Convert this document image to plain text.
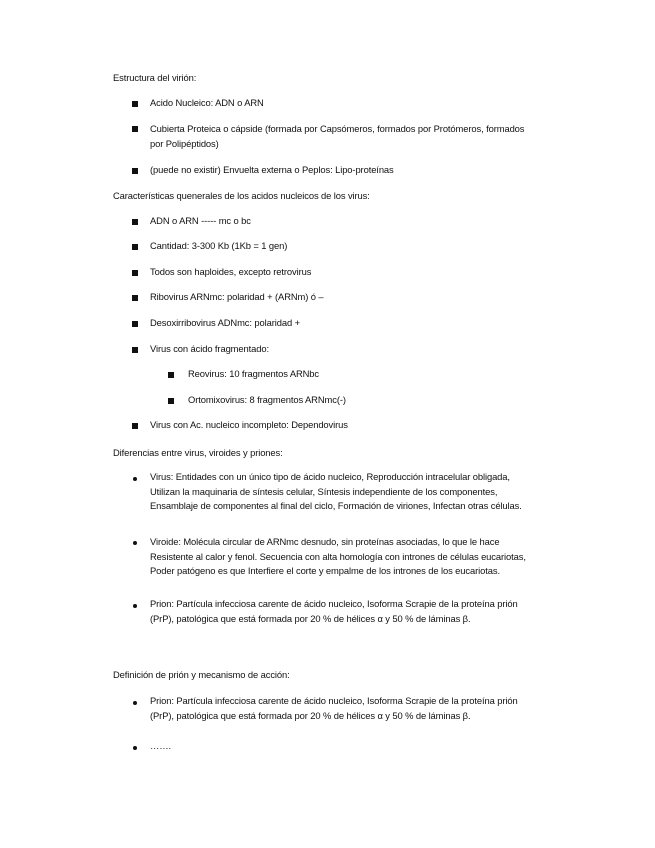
Estructura del virión:
Acido Nucleico: ADN o ARN
Cubierta Proteica o cápside (formada por Capsómeros, formados por Protómeros, formados por Polipéptidos)
(puede no existir) Envuelta externa o Peplos: Lipo-proteínas
Características quenerales de los acidos nucleicos de los virus:
ADN o ARN ----- mc o bc
Cantidad: 3-300 Kb (1Kb = 1 gen)
Todos son haploides, excepto retrovirus
Ribovirus ARNmc: polaridad + (ARNm) ó –
Desoxirribovirus ADNmc: polaridad +
Virus con ácido fragmentado:
Reovirus: 10 fragmentos ARNbc
Ortomixovirus: 8 fragmentos ARNmc(-)
Virus con Ac. nucleico incompleto: Dependovirus
Diferencias entre virus, viroides y priones:
Virus: Entidades con un único tipo de ácido nucleico, Reproducción intracelular obligada, Utilizan la maquinaria de síntesis celular, Síntesis independiente de los componentes, Ensamblaje de componentes al final del ciclo, Formación de viriones, Infectan otras células.
Viroide: Molécula circular de ARNmc desnudo, sin proteínas asociadas, lo que le hace Resistente al calor y fenol. Secuencia con alta homología con intrones de células eucariotas, Poder patógeno es que Interfiere el corte y empalme de los intrones de los eucariotas.
Prion: Partícula infecciosa carente de ácido nucleico, Isoforma Scrapie de la proteína prión (PrP), patológica que está formada por 20 % de hélices α y 50 % de láminas β.
Definición de prión y mecanismo de acción:
Prion: Partícula infecciosa carente de ácido nucleico, Isoforma Scrapie de la proteína prión (PrP), patológica que está formada por 20 % de hélices α y 50 % de láminas β.
…….
